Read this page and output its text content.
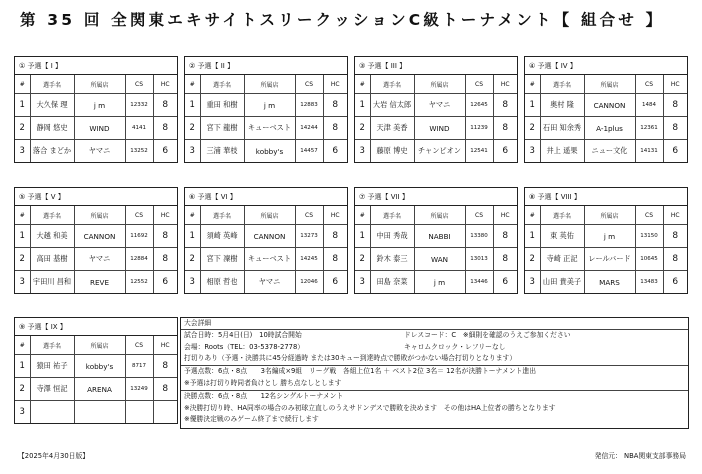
第 35 回 全関東エキサイトスリークッションC級トーナメント【 組合せ 】
① 予選【 I 】
#	選手名	所属店	CS	HC
1	大久保 理	j m	12332	8
2	静岡 悠史	WIND	4141	8
3	落合 まどか	ヤマニ	13252	6
② 予選【 II 】
#	選手名	所属店	CS	HC
1	重田 和樹	j m	12883	8
2	宮下 龍樹	キューベスト	14244	8
3	三浦 華枝	kobby's	14457	6
③ 予選【 III 】
#	選手名	所属店	CS	HC
1	大岩 信太郎	ヤマニ	12645	8
2	天津 美香	WIND	11239	8
3	藤原 博史	チャンピオン	12541	6
④ 予選【 IV 】
#	選手名	所属店	CS	HC
1	奥村 隆	CANNON	1484	8
2	石田 知余秀	A-1plus	12361	8
3	井上 遥果	ニュー文化	14131	6
⑤ 予選【 V 】
#	選手名	所属店	CS	HC
1	大越 和美	CANNON	11692	8
2	高田 基樹	ヤマニ	12884	8
3	宇田川 昌和	REVE	12552	6
⑥ 予選【 VI 】
#	選手名	所属店	CS	HC
1	須崎 英峰	CANNON	13273	8
2	宮下 凜樹	キューベスト	14245	8
3	相原 哲也	ヤマニ	12046	6
⑦ 予選【 VII 】
#	選手名	所属店	CS	HC
1	中田 秀哉	NABBI	13380	8
2	鈴木 泰三	WAN	13013	8
3	田島 奈菜	j m	13446	6
⑧ 予選【 VIII 】
#	選手名	所属店	CS	HC
1	東 英佑	j m	13150	8
2	寺崎 正記	レールバード	10645	8
3	山田 貴美子	MARS	13483	6
⑨ 予選【 IX 】
#	選手名	所属店	CS	HC
1	猿田 祐子	kobby's	8717	8
2	寺澤 恒記	ARENA	13249	8
3				
大会詳細
試合日時：5月4日(日)　10時試合開始	ドレスコード：C　※細則を確認のうえご参加ください
会場：Roots（TEL：03-5378-2778）	キャロムクロック・レフリーなし
打切りあり（予選・決勝共に45分経過時 または30キュー到達時点で勝敗がつかない場合打切りとなります）
予選点数：6点・8点　　3名編成×9組　リーグ戦　各組上位1名 ＋ ベスト2位 3名＝ 12名が決勝トーナメント進出
※予選は打切り時同者負けとし 勝ち点なしとします
決勝点数：6点・8点　　12名シングルトーナメント
※決勝打切り時、HA同率の場合のみ初球立直しのうえサドンデスで勝敗を決めます　その他はHA上位者の勝ちとなります
※優勝決定戦のみゲーム終了まで続行します
【2025年4月30日版】	発信元： NBA関東支部事務局
